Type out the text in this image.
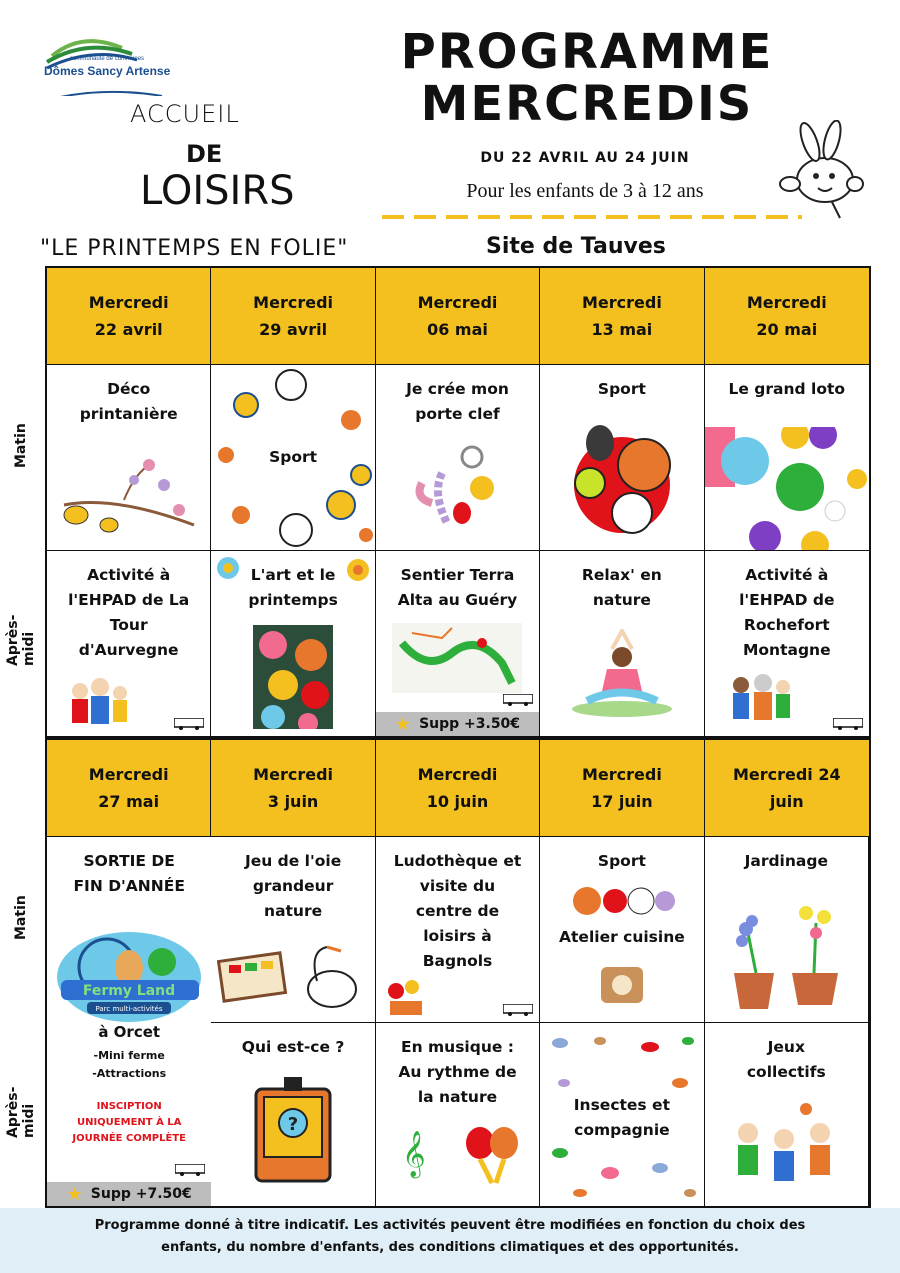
communauté de communes
Dômes Sancy Artense
ACCUEIL
DE
LOISIRS
PROGRAMME
MERCREDIS
DU 22 AVRIL AU 24 JUIN
Pour les enfants de 3 à 12 ans
"LE PRINTEMPS EN FOLIE"	Site de Tauves
Matin
Après-midi
Matin
Après-midi
Mercredi
22 avril
Mercredi
29 avril
Mercredi
06 mai
Mercredi
13 mai
Mercredi
20 mai
Déco
printanière
Sport
Je crée mon
porte clef
Sport	Le grand loto
Activité à
l'EHPAD de La
Tour
d'Aurvegne
L'art et le
printemps
Sentier Terra
Alta au Guéry
★ Supp +3.50€
Relax' en
nature
Activité à
l'EHPAD de
Rochefort
Montagne
Mercredi
27 mai
Mercredi
3 juin
Mercredi
10 juin
Mercredi
17 juin
Mercredi 24
juin
Jeu de l'oie
grandeur
nature
Ludothèque et
visite du
centre de
loisirs à
Bagnols
Sport
Atelier cuisine
Jardinage
SORTIE DE
FIN D'ANNÉE
Fermy Land
Parc multi-activités
à Orcet
-Mini ferme
-Attractions
INSCIPTION
UNIQUEMENT À LA
JOURNÉE COMPLÈTE
★ Supp +7.50€
Qui est-ce ?
?
En musique :
Au rythme de
la nature
𝄞
Insectes et
compagnie
Jeux
collectifs
Programme donné à titre indicatif. Les activités peuvent être modifiées en fonction du choix des
enfants, du nombre d'enfants, des conditions climatiques et des opportunités.
